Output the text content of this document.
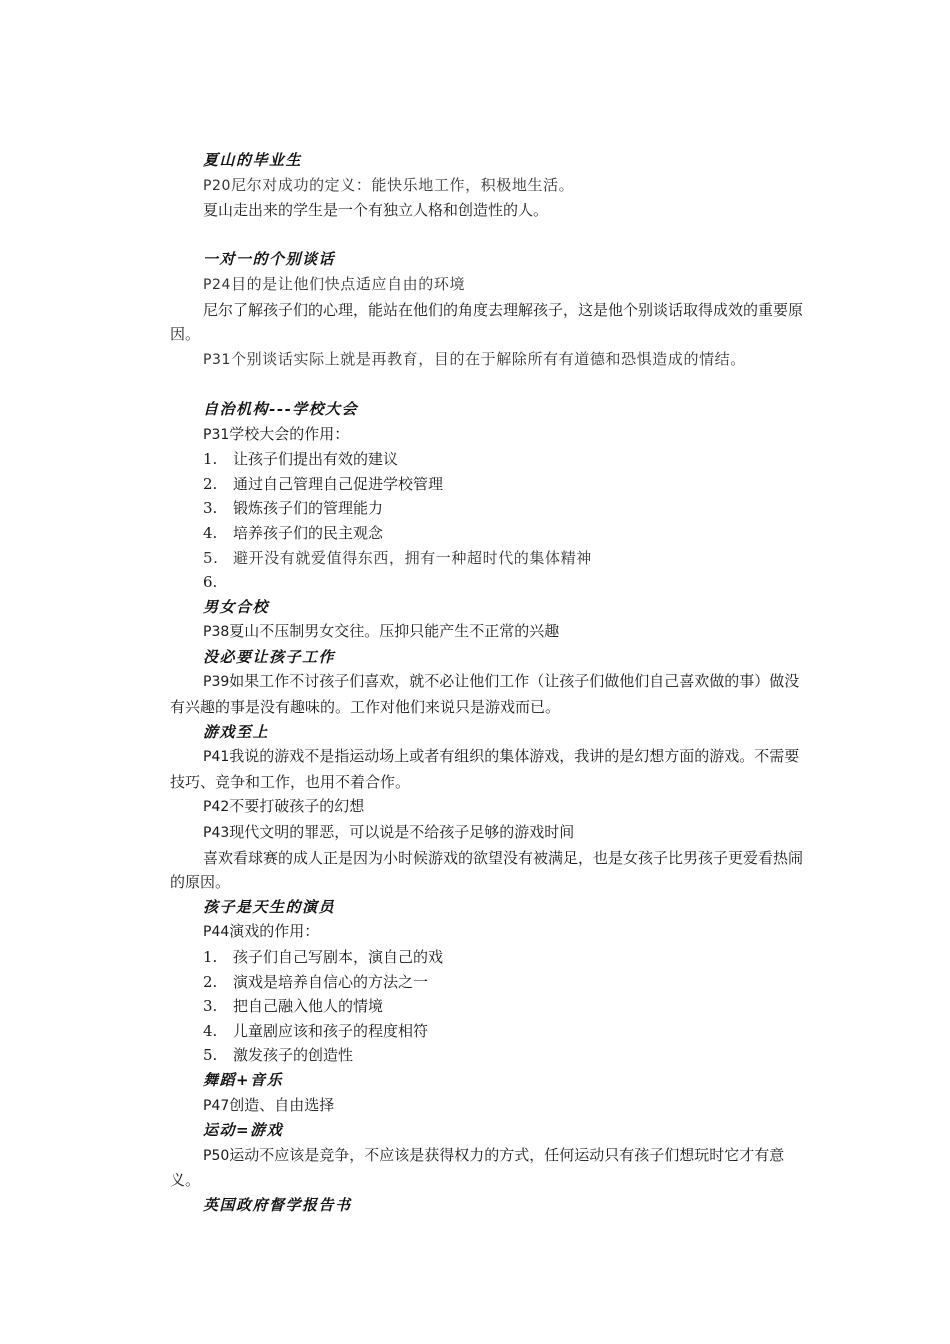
夏山的毕业生

P20尼尔对成功的定义：能快乐地工作，积极地生活。

夏山走出来的学生是一个有独立人格和创造性的人。

一对一的个别谈话

P24目的是让他们快点适应自由的环境

尼尔了解孩子们的心理，能站在他们的角度去理解孩子，这是他个别谈话取得成效的重要原因。

P31个别谈话实际上就是再教育，目的在于解除所有有道德和恐惧造成的情结。

自治机构---学校大会

P31学校大会的作用：

1.	让孩子们提出有效的建议
2.	通过自己管理自己促进学校管理
3.	锻炼孩子们的管理能力
4.	培养孩子们的民主观念
5. 避开没有就爱值得东西，拥有一种超时代的集体精神
6.

男女合校

P38夏山不压制男女交往。压抑只能产生不正常的兴趣

没必要让孩子工作

P39如果工作不讨孩子们喜欢，就不必让他们工作（让孩子们做他们自己喜欢做的事）做没有兴趣的事是没有趣味的。工作对他们来说只是游戏而已。

游戏至上

P41我说的游戏不是指运动场上或者有组织的集体游戏，我讲的是幻想方面的游戏。不需要技巧、竞争和工作，也用不着合作。

P42不要打破孩子的幻想

P43现代文明的罪恶，可以说是不给孩子足够的游戏时间

喜欢看球赛的成人正是因为小时候游戏的欲望没有被满足，也是女孩子比男孩子更爱看热闹的原因。

孩子是天生的演员

P44演戏的作用：

1.	孩子们自己写剧本，演自己的戏
2.	演戏是培养自信心的方法之一
3.	把自己融入他人的情境
4.	儿童剧应该和孩子的程度相符
5.	激发孩子的创造性

舞蹈+音乐

P47创造、自由选择

运动=游戏

P50运动不应该是竞争，不应该是获得权力的方式，任何运动只有孩子们想玩时它才有意义。

英国政府督学报告书
